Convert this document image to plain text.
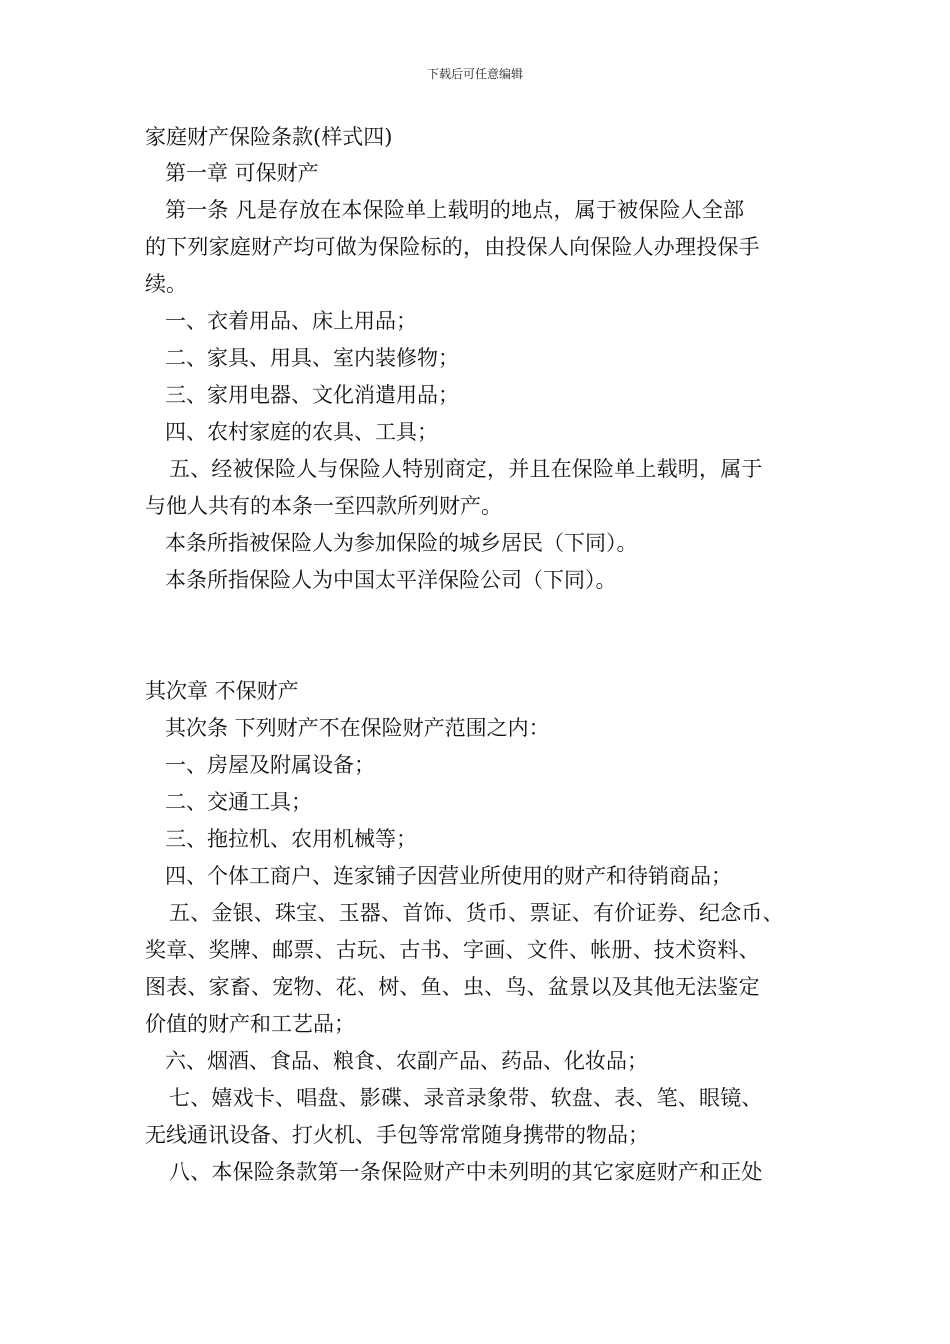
下载后可任意编辑
家庭财产保险条款(样式四)
第一章 可保财产
第一条 凡是存放在本保险单上载明的地点，属于被保险人全部
的下列家庭财产均可做为保险标的，由投保人向保险人办理投保手
续。
一、衣着用品、床上用品；
二、家具、用具、室内装修物；
三、家用电器、文化消遣用品；
四、农村家庭的农具、工具；
五、经被保险人与保险人特别商定，并且在保险单上载明，属于
与他人共有的本条一至四款所列财产。
本条所指被保险人为参加保险的城乡居民（下同）。
本条所指保险人为中国太平洋保险公司（下同）。
其次章 不保财产
其次条 下列财产不在保险财产范围之内：
一、房屋及附属设备；
二、交通工具；
三、拖拉机、农用机械等；
四、个体工商户、连家铺子因营业所使用的财产和待销商品；
五、金银、珠宝、玉器、首饰、货币、票证、有价证券、纪念币、
奖章、奖牌、邮票、古玩、古书、字画、文件、帐册、技术资料、
图表、家畜、宠物、花、树、鱼、虫、鸟、盆景以及其他无法鉴定
价值的财产和工艺品；
六、烟酒、食品、粮食、农副产品、药品、化妆品；
七、嬉戏卡、唱盘、影碟、录音录象带、软盘、表、笔、眼镜、
无线通讯设备、打火机、手包等常常随身携带的物品；
八、本保险条款第一条保险财产中未列明的其它家庭财产和正处
